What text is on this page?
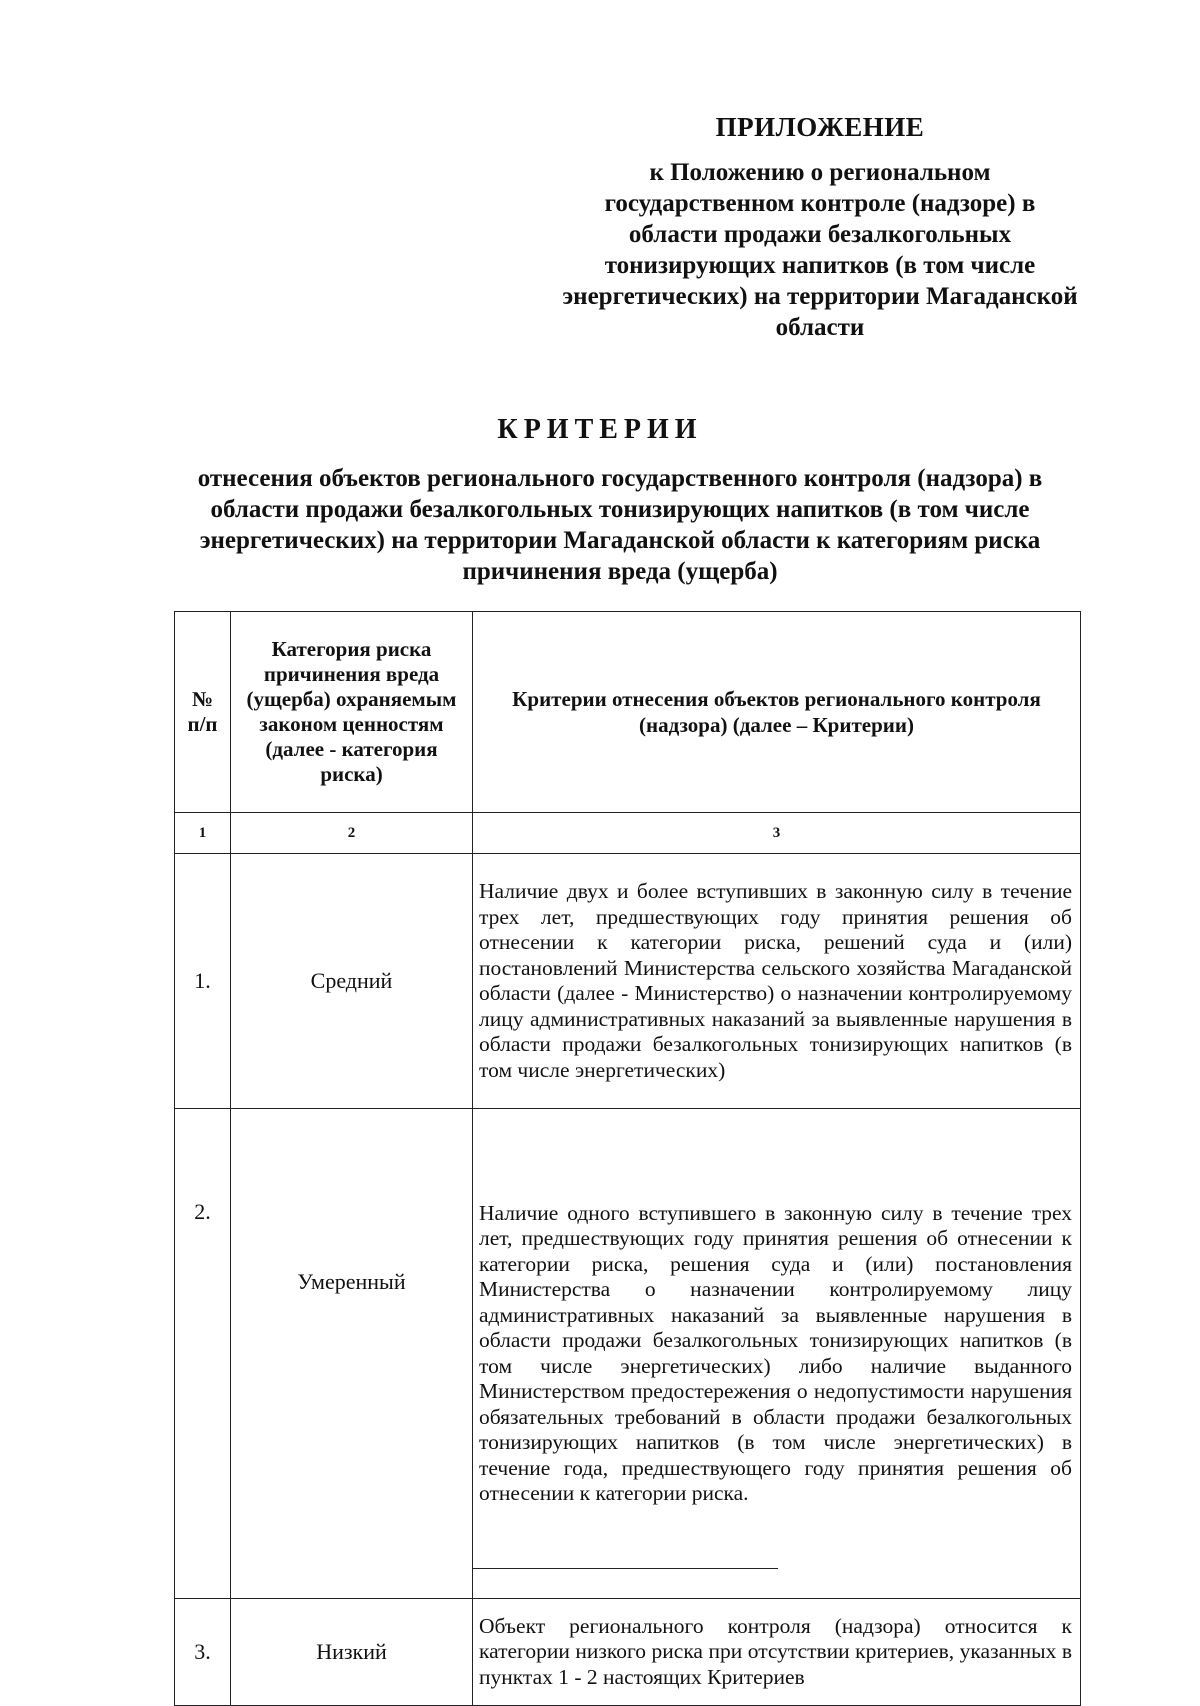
ПРИЛОЖЕНИЕ
к Положению о региональном государственном контроле (надзоре) в области продажи безалкогольных тонизирующих напитков (в том числе энергетических) на территории Магаданской области
КРИТЕРИИ
отнесения объектов регионального государственного контроля (надзора) в области продажи безалкогольных тонизирующих напитков (в том числе энергетических) на территории Магаданской области к категориям риска причинения вреда (ущерба)
№ п/п	Категория риска причинения вреда (ущерба) охраняемым законом ценностям (далее - категория риска)	Критерии отнесения объектов регионального контроля (надзора) (далее – Критерии)
1	2	3
1.	Средний	Наличие двух и более вступивших в законную силу в течение трех лет, предшествующих году принятия решения об отнесении к категории риска, решений суда и (или) постановлений Министерства сельского хозяйства Магаданской области (далее - Министерство) о назначении контролируемому лицу административных наказаний за выявленные нарушения в области продажи безалкогольных тонизирующих напитков (в том числе энергетических)
2.	Умеренный	Наличие одного вступившего в законную силу в течение трех лет, предшествующих году принятия решения об отнесении к категории риска, решения суда и (или) постановления Министерства о назначении контролируемому лицу административных наказаний за выявленные нарушения в области продажи безалкогольных тонизирующих напитков (в том числе энергетических) либо наличие выданного Министерством предостережения о недопустимости нарушения обязательных требований в области продажи безалкогольных тонизирующих напитков (в том числе энергетических) в течение года, предшествующего году принятия решения об отнесении к категории риска.
3.	Низкий	Объект регионального контроля (надзора) относится к категории низкого риска при отсутствии критериев, указанных в пунктах 1 - 2 настоящих Критериев
